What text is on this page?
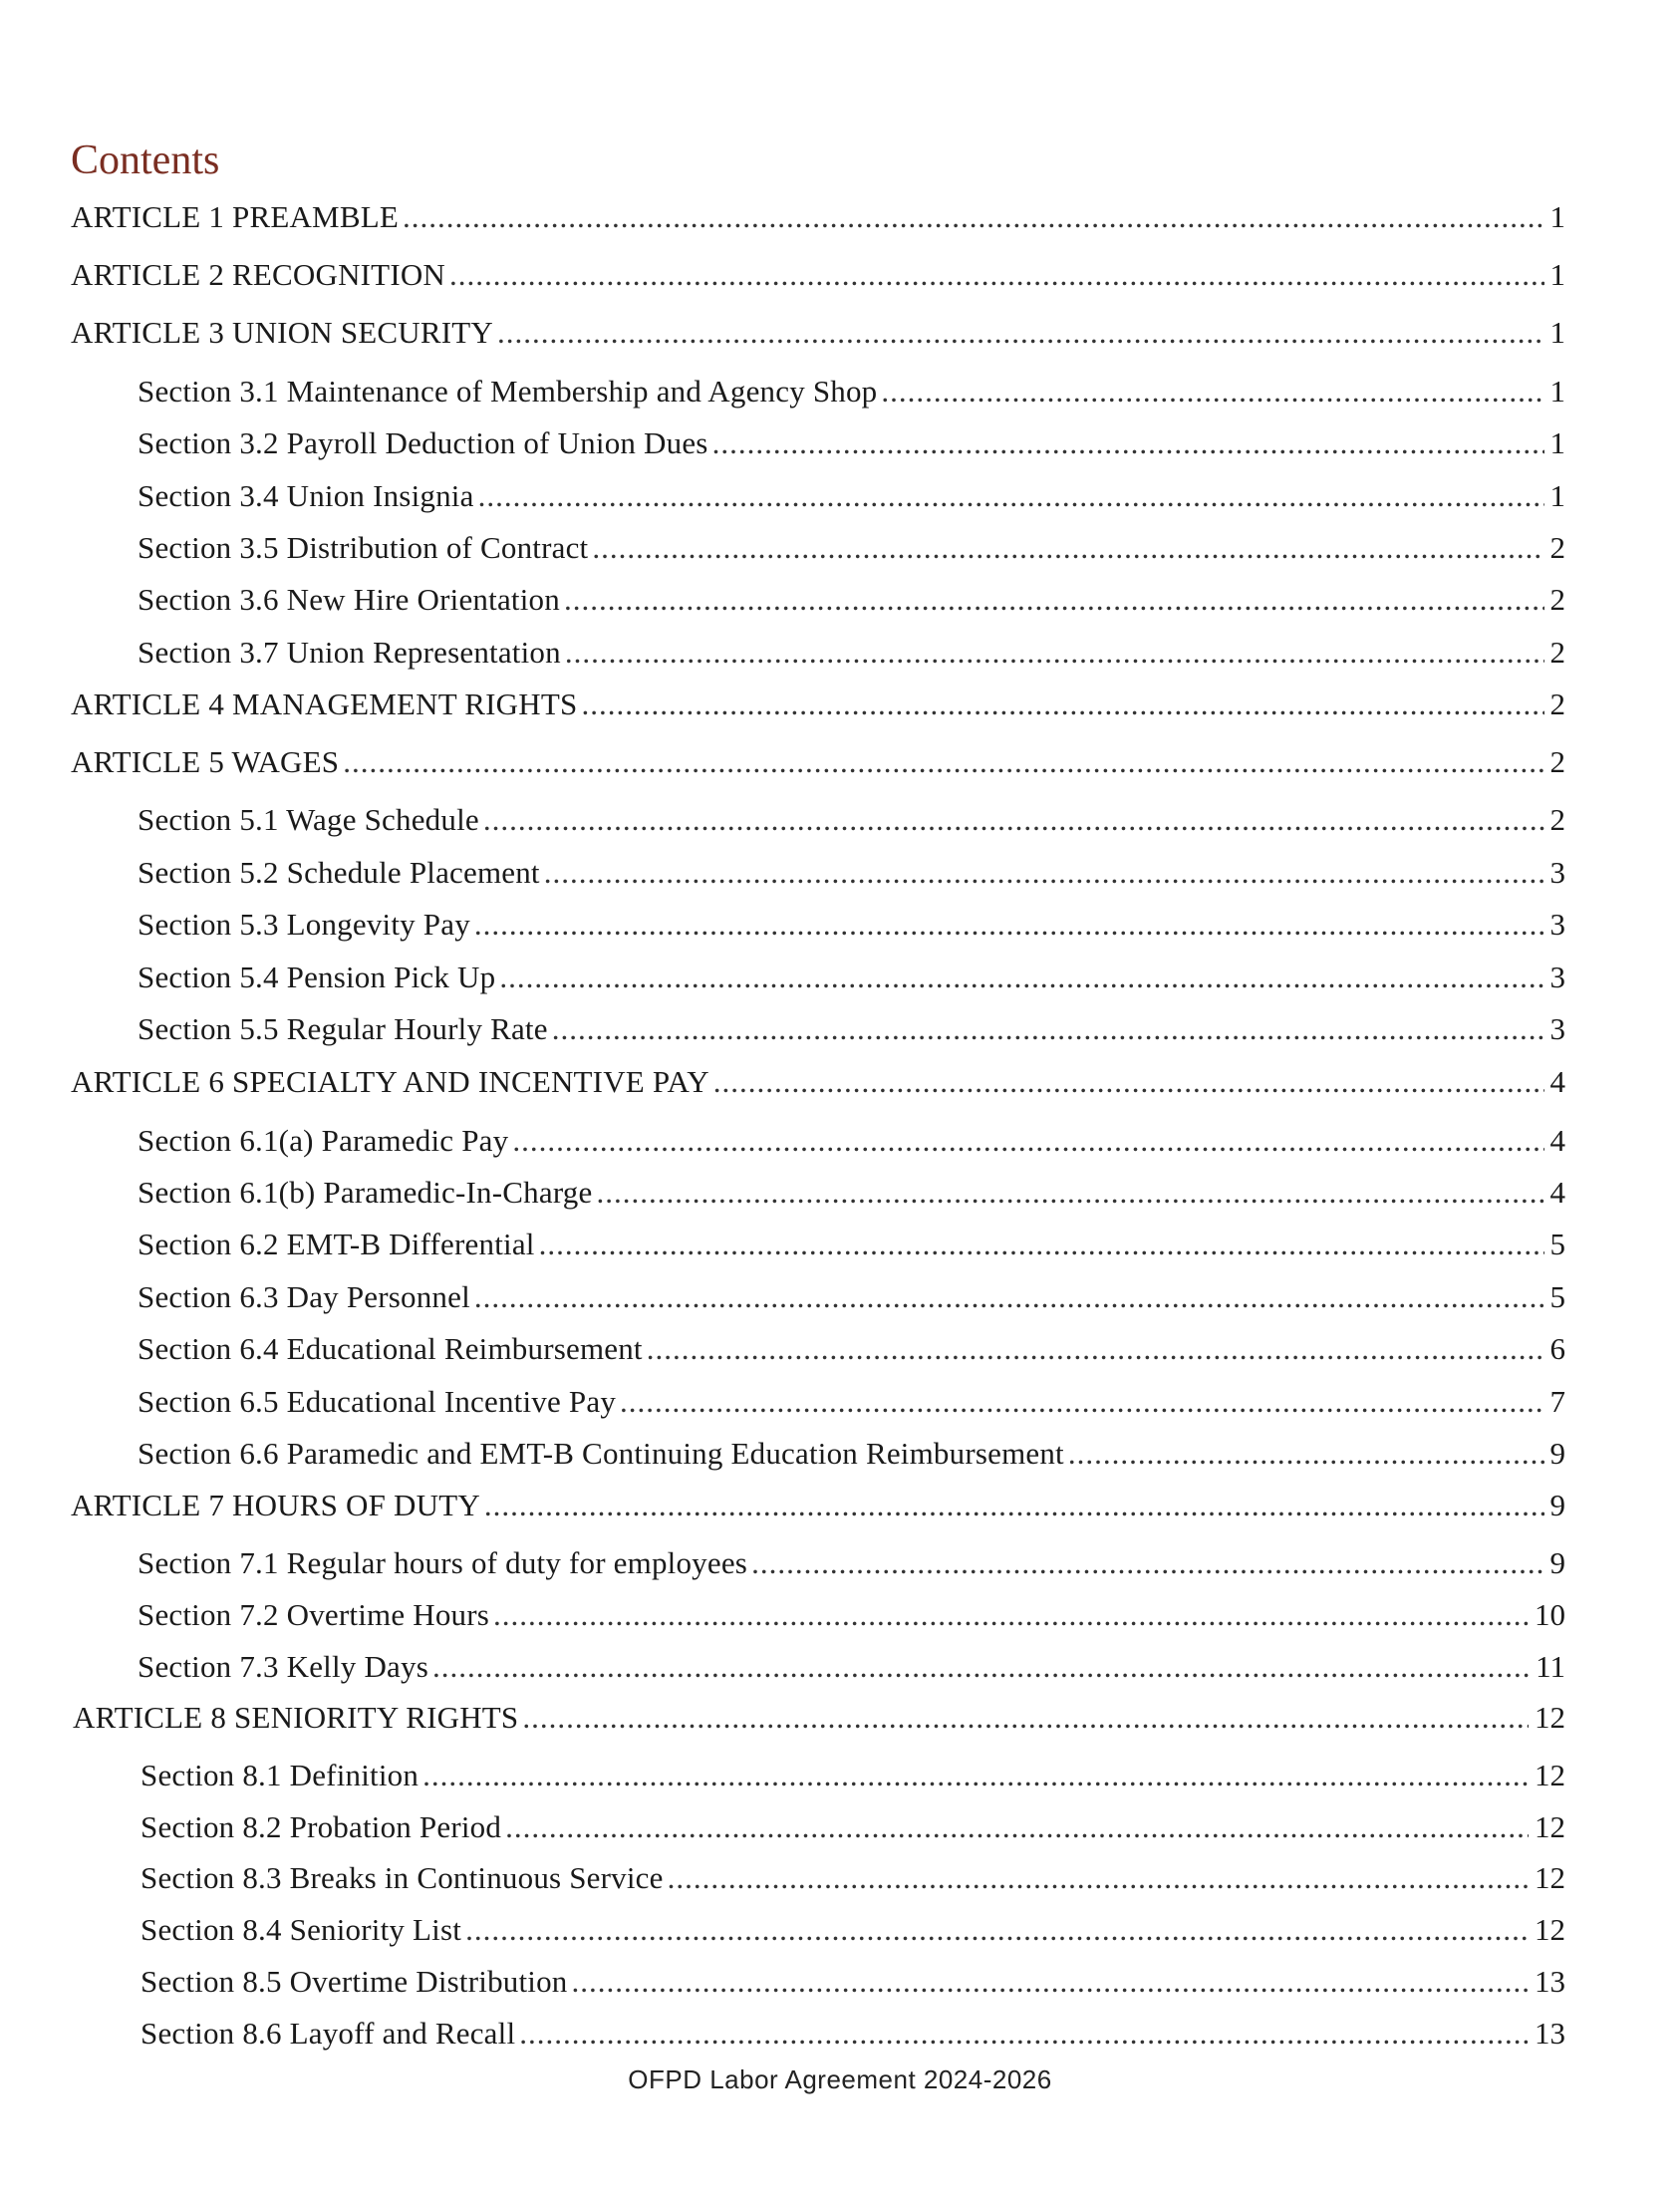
Contents
ARTICLE 1 PREAMBLE .....	1
ARTICLE 2 RECOGNITION .....	1
ARTICLE 3 UNION SECURITY .....	1
Section 3.1 Maintenance of Membership and Agency Shop .....	1
Section 3.2 Payroll Deduction of Union Dues .....	1
Section 3.4 Union Insignia .....	1
Section 3.5 Distribution of Contract .....	2
Section 3.6 New Hire Orientation .....	2
Section 3.7 Union Representation .....	2
ARTICLE 4 MANAGEMENT RIGHTS .....	2
ARTICLE 5 WAGES .....	2
Section 5.1 Wage Schedule .....	2
Section 5.2 Schedule Placement .....	3
Section 5.3 Longevity Pay .....	3
Section 5.4 Pension Pick Up .....	3
Section 5.5 Regular Hourly Rate .....	3
ARTICLE 6 SPECIALTY AND INCENTIVE PAY .....	4
Section 6.1(a) Paramedic Pay .....	4
Section 6.1(b) Paramedic-In-Charge .....	4
Section 6.2 EMT-B Differential .....	5
Section 6.3 Day Personnel .....	5
Section 6.4 Educational Reimbursement .....	6
Section 6.5 Educational Incentive Pay .....	7
Section 6.6 Paramedic and EMT-B Continuing Education Reimbursement .....	9
ARTICLE 7 HOURS OF DUTY .....	9
Section 7.1 Regular hours of duty for employees .....	9
Section 7.2 Overtime Hours .....	10
Section 7.3 Kelly Days .....	11
ARTICLE 8 SENIORITY RIGHTS .....	12
Section 8.1 Definition .....	12
Section 8.2 Probation Period .....	12
Section 8.3 Breaks in Continuous Service .....	12
Section 8.4 Seniority List .....	12
Section 8.5 Overtime Distribution .....	13
Section 8.6 Layoff and Recall .....	13
OFPD Labor Agreement 2024-2026
